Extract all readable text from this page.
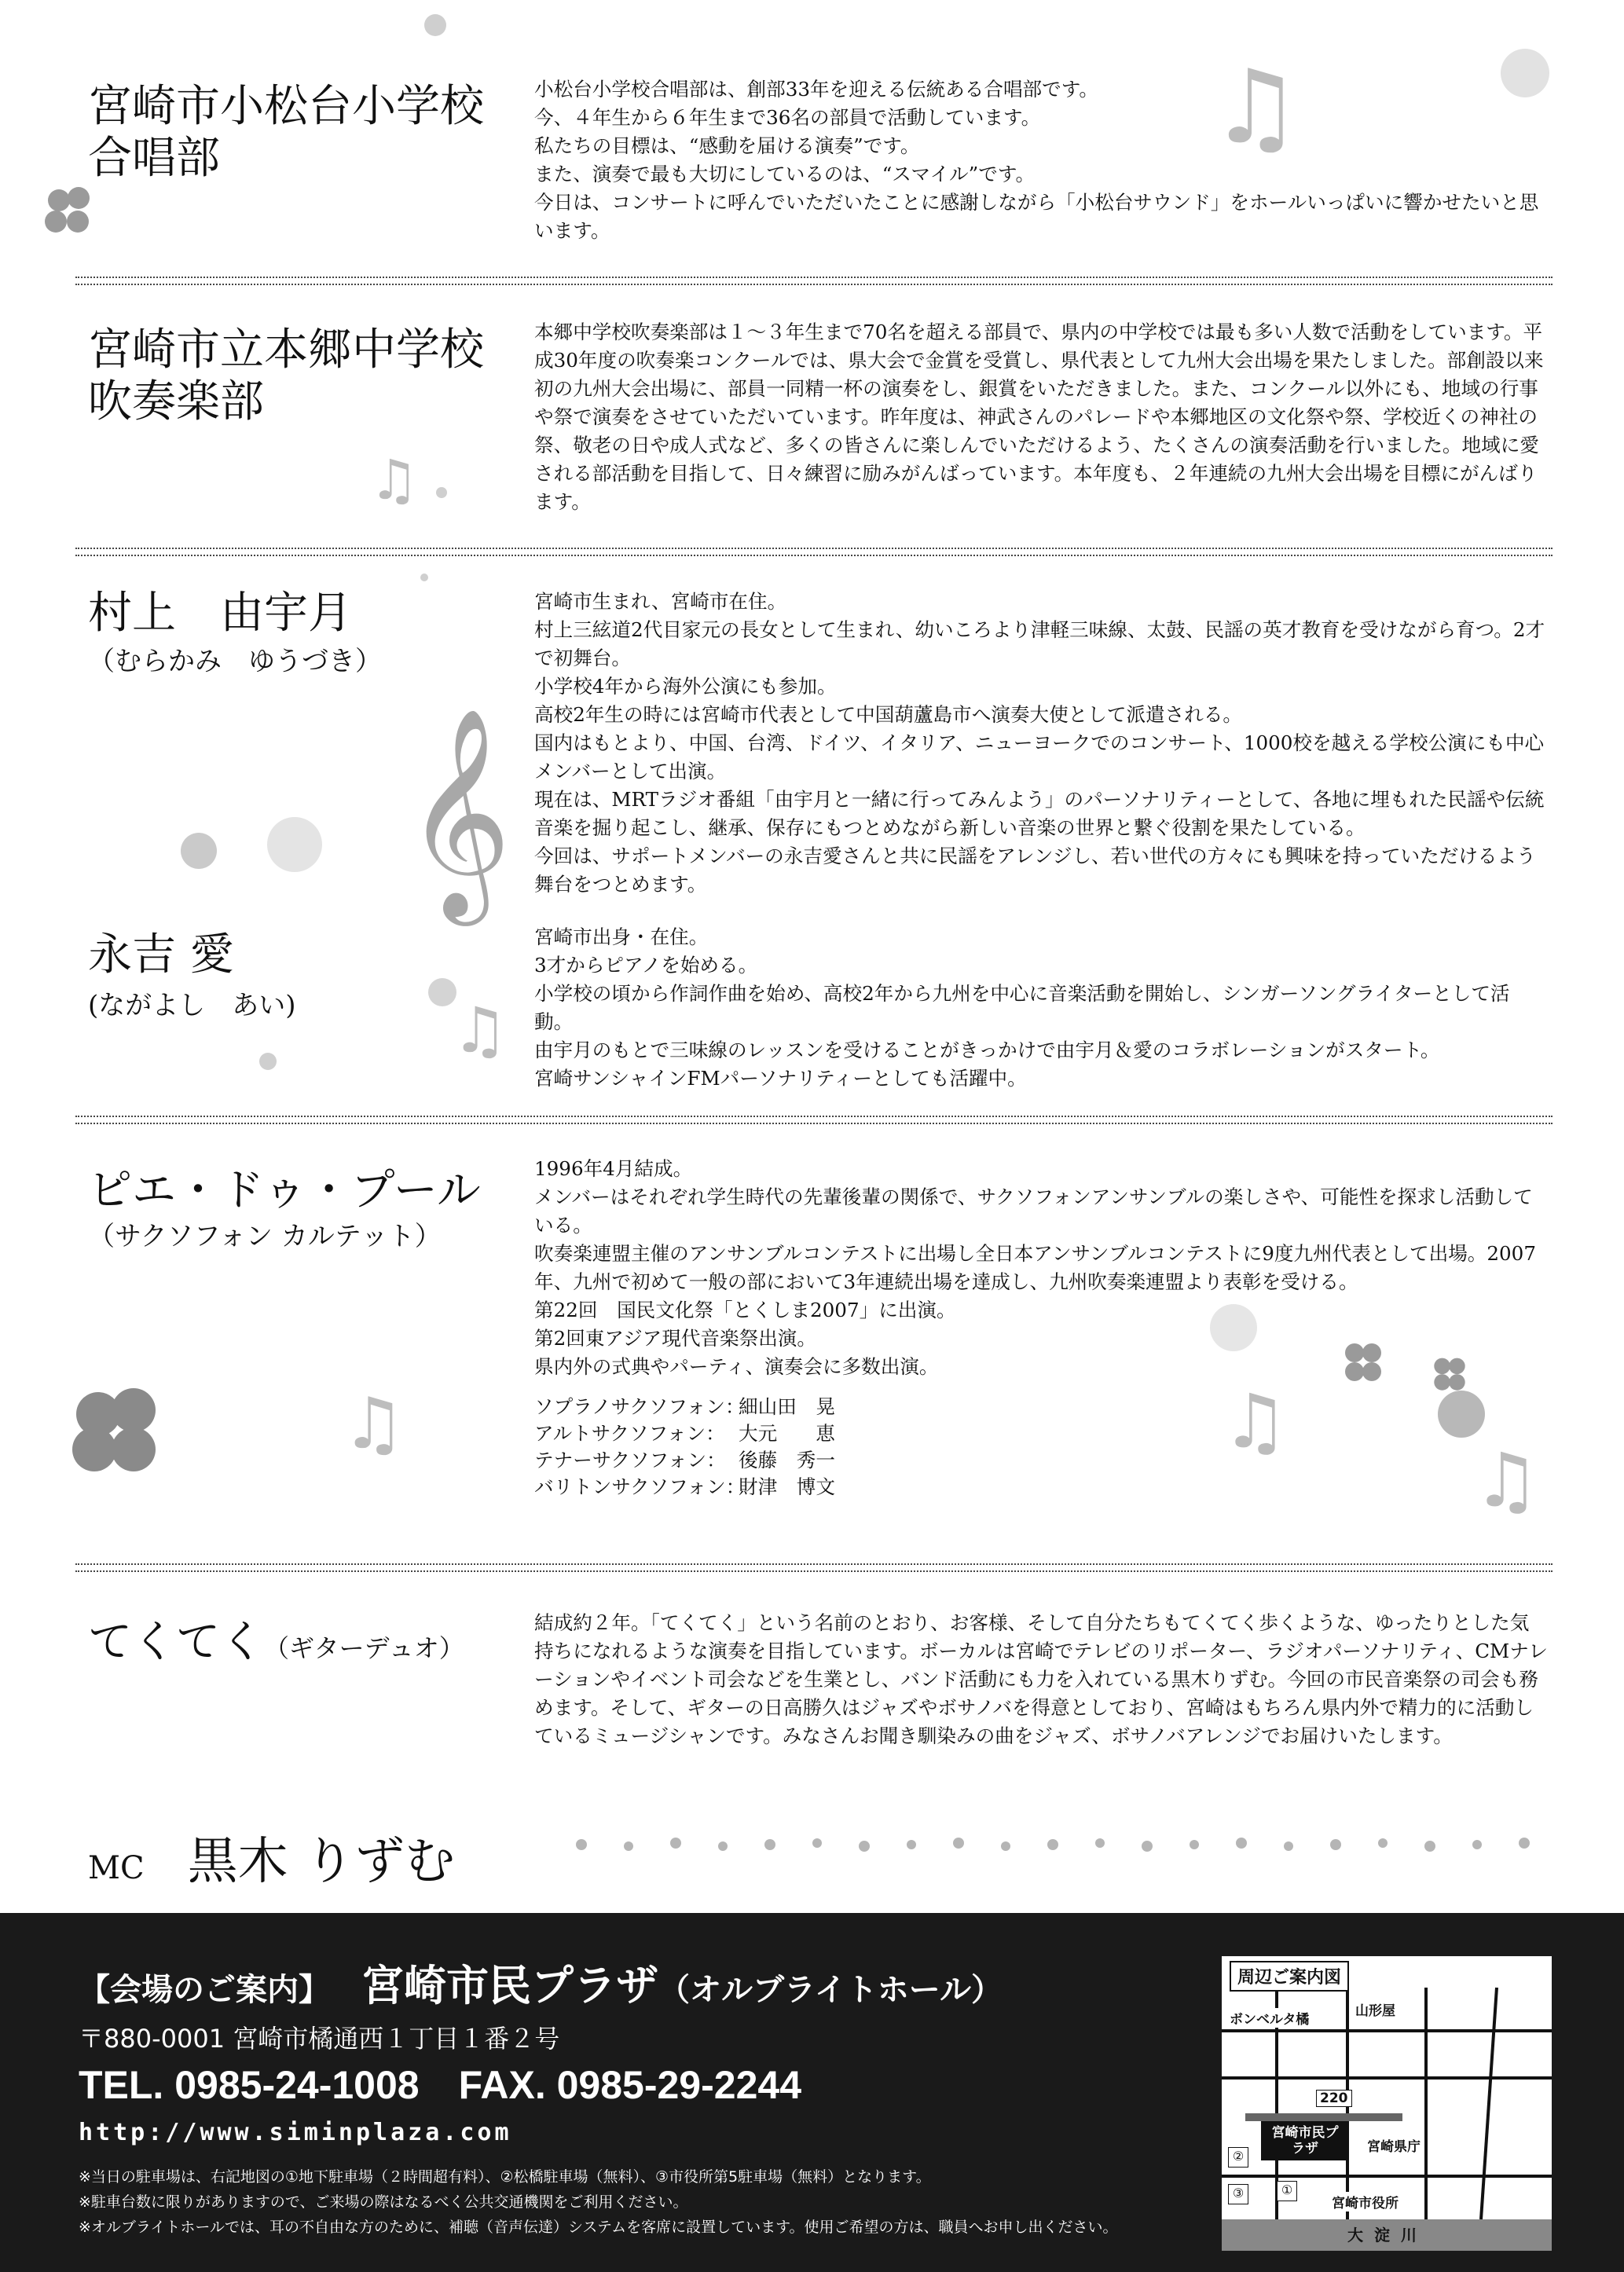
♫
♫
𝄞
♫
♫	♫
♫
宮崎市小松台小学校
合唱部

小松台小学校合唱部は、創部33年を迎える伝統ある合唱部です。

今、４年生から６年生まで36名の部員で活動しています。

私たちの目標は、“感動を届ける演奏”です。

また、演奏で最も大切にしているのは、“スマイル”です。

今日は、コンサートに呼んでいただいたことに感謝しながら「小松台サウンド」をホールいっぱいに響かせたいと思います。

宮崎市立本郷中学校
吹奏楽部

本郷中学校吹奏楽部は１～３年生まで70名を超える部員で、県内の中学校では最も多い人数で活動をしています。平成30年度の吹奏楽コンクールでは、県大会で金賞を受賞し、県代表として九州大会出場を果たしました。部創設以来初の九州大会出場に、部員一同精一杯の演奏をし、銀賞をいただきました。また、コンクール以外にも、地域の行事や祭で演奏をさせていただいています。昨年度は、神武さんのパレードや本郷地区の文化祭や祭、学校近くの神社の祭、敬老の日や成人式など、多くの皆さんに楽しんでいただけるよう、たくさんの演奏活動を行いました。地域に愛される部活動を目指して、日々練習に励みがんばっています。本年度も、２年連続の九州大会出場を目標にがんばります。

村上　由宇月
（むらかみ　ゆうづき）

宮崎市生まれ、宮崎市在住。

村上三絃道2代目家元の長女として生まれ、幼いころより津軽三味線、太鼓、民謡の英才教育を受けながら育つ。2才で初舞台。

小学校4年から海外公演にも参加。

高校2年生の時には宮崎市代表として中国葫蘆島市へ演奏大使として派遣される。

国内はもとより、中国、台湾、ドイツ、イタリア、ニューヨークでのコンサート、1000校を越える学校公演にも中心メンバーとして出演。

現在は、MRTラジオ番組「由宇月と一緒に行ってみんよう」のパーソナリティーとして、各地に埋もれた民謡や伝統音楽を掘り起こし、継承、保存にもつとめながら新しい音楽の世界と繋ぐ役割を果たしている。

今回は、サポートメンバーの永吉愛さんと共に民謡をアレンジし、若い世代の方々にも興味を持っていただけるよう舞台をつとめます。

永吉 愛
(ながよし　あい)

宮崎市出身・在住。

3才からピアノを始める。

小学校の頃から作詞作曲を始め、高校2年から九州を中心に音楽活動を開始し、シンガーソングライターとして活動。

由宇月のもとで三味線のレッスンを受けることがきっかけで由宇月＆愛のコラボレーションがスタート。

宮崎サンシャインFMパーソナリティーとしても活躍中。

ピエ・ドゥ・プール
（サクソフォン カルテット）

1996年4月結成。

メンバーはそれぞれ学生時代の先輩後輩の関係で、サクソフォンアンサンブルの楽しさや、可能性を探求し活動している。

吹奏楽連盟主催のアンサンブルコンテストに出場し全日本アンサンブルコンテストに9度九州代表として出場。2007年、九州で初めて一般の部において3年連続出場を達成し、九州吹奏楽連盟より表彰を受ける。

第22回　国民文化祭「とくしま2007」に出演。

第2回東アジア現代音楽祭出演。

県内外の式典やパーティ、演奏会に多数出演。

ソプラノサクソフォン：細山田　晃
アルトサクソフォン： 大元　　恵
テナーサクソフォン： 後藤　秀一
バリトンサクソフォン：財津　博文
てくてく（ギターデュオ）

結成約２年。「てくてく」という名前のとおり、お客様、そして自分たちもてくてく歩くような、ゆったりとした気持ちになれるような演奏を目指しています。ボーカルは宮崎でテレビのリポーター、ラジオパーソナリティ、CMナレーションやイベント司会などを生業とし、バンド活動にも力を入れている黒木りずむ。今回の市民音楽祭の司会も務めます。そして、ギターの日高勝久はジャズやボサノバを得意としており、宮崎はもちろん県内外で精力的に活動しているミュージシャンです。みなさんお聞き馴染みの曲をジャズ、ボサノバアレンジでお届けいたします。

MC 黒木 りずむ
【会場のご案内】 宮崎市民プラザ（オルブライトホール）
〒880-0001 宮崎市橘通西１丁目１番２号
TEL. 0985-24-1008 FAX. 0985-29-2244
http://www.siminplaza.com
※当日の駐車場は、右記地図の①地下駐車場（２時間超有料）、②松橋駐車場（無料）、③市役所第5駐車場（無料）となります。
※駐車台数に限りがありますので、ご来場の際はなるべく公共交通機関をご利用ください。
※オルブライトホールでは、耳の不自由な方のために、補聴（音声伝達）システムを客席に設置しています。使用ご希望の方は、職員へお申し出ください。
周辺ご案内図
ボンベルタ橘
山形屋
220
宮崎市民プラザ	宮崎県庁
宮崎市役所
②
③	①
大淀川
